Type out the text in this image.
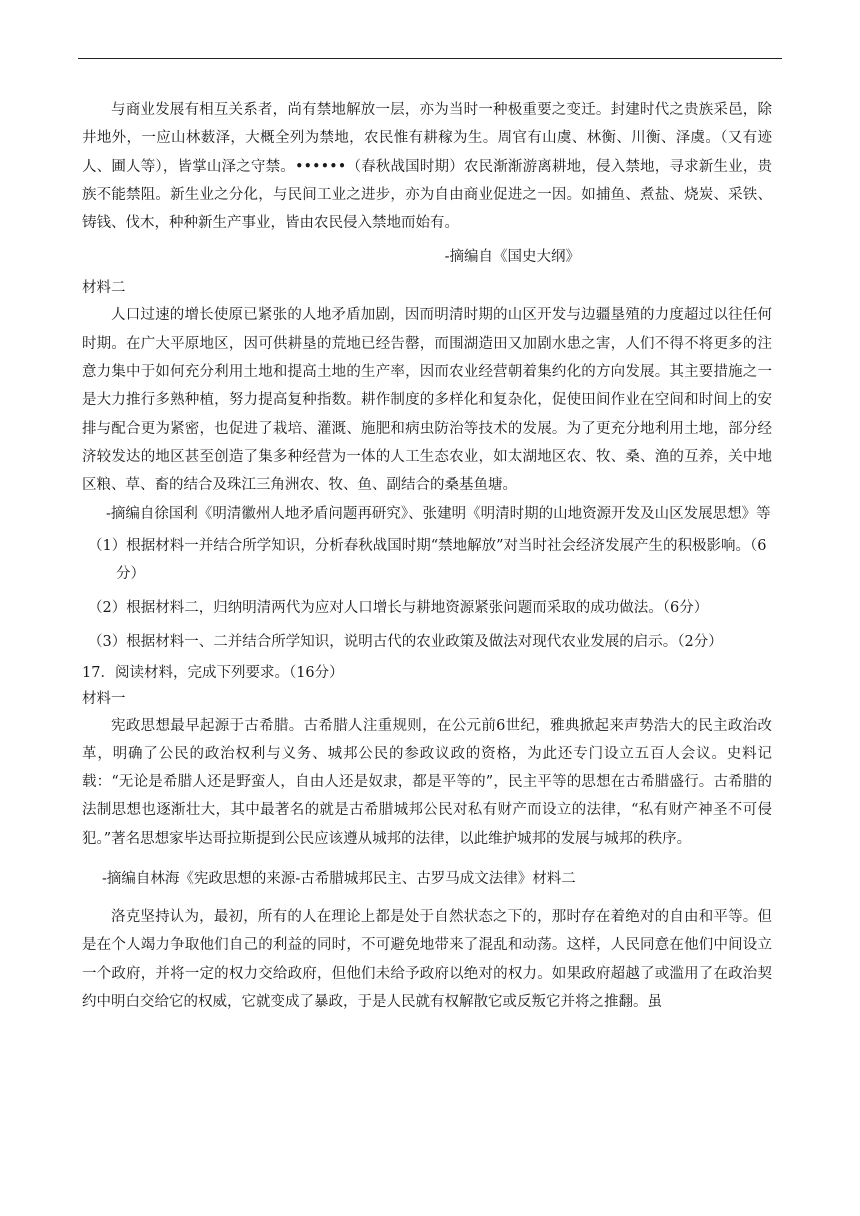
与商业发展有相互关系者，尚有禁地解放一层，亦为当时一种极重要之变迁。封建时代之贵族采邑，除井地外，一应山林薮泽，大概全列为禁地，农民惟有耕稼为生。周官有山虞、林衡、川衡、泽虞。（又有迹人、圃人等），皆掌山泽之守禁。••••••（春秋战国时期）农民渐渐游离耕地，侵入禁地，寻求新生业，贵族不能禁阻。新生业之分化，与民间工业之进步，亦为自由商业促进之一因。如捕鱼、煮盐、烧炭、采铁、铸钱、伐木，种种新生产事业，皆由农民侵入禁地而始有。

-摘编自《国史大纲》

材料二

人口过速的增长使原已紧张的人地矛盾加剧，因而明清时期的山区开发与边疆垦殖的力度超过以往任何时期。在广大平原地区，因可供耕垦的荒地已经告罄，而围湖造田又加剧水患之害，人们不得不将更多的注意力集中于如何充分利用土地和提高土地的生产率，因而农业经营朝着集约化的方向发展。其主要措施之一是大力推行多熟种植，努力提高复种指数。耕作制度的多样化和复杂化，促使田间作业在空间和时间上的安排与配合更为紧密，也促进了栽培、灌溉、施肥和病虫防治等技术的发展。为了更充分地利用土地，部分经济较发达的地区甚至创造了集多种经营为一体的人工生态农业，如太湖地区农、牧、桑、渔的互养，关中地区粮、草、畜的结合及珠江三角洲农、牧、鱼、副结合的桑基鱼塘。

-摘编自徐国利《明清徽州人地矛盾问题再研究》、张建明《明清时期的山地资源开发及山区发展思想》等

（1）根据材料一并结合所学知识，分析春秋战国时期“禁地解放”对当时社会经济发展产生的积极影响。（6分）

（2）根据材料二，归纳明清两代为应对人口增长与耕地资源紧张问题而采取的成功做法。（6分）

（3）根据材料一、二并结合所学知识，说明古代的农业政策及做法对现代农业发展的启示。（2分）

17．阅读材料，完成下列要求。（16分）

材料一

宪政思想最早起源于古希腊。古希腊人注重规则，在公元前6世纪，雅典掀起来声势浩大的民主政治改革，明确了公民的政治权利与义务、城邦公民的参政议政的资格，为此还专门设立五百人会议。史料记载：“无论是希腊人还是野蛮人，自由人还是奴隶，都是平等的”，民主平等的思想在古希腊盛行。古希腊的法制思想也逐渐壮大，其中最著名的就是古希腊城邦公民对私有财产而设立的法律，“私有财产神圣不可侵犯。”著名思想家毕达哥拉斯提到公民应该遵从城邦的法律，以此维护城邦的发展与城邦的秩序。

-摘编自林海《宪政思想的来源-古希腊城邦民主、古罗马成文法律》材料二

洛克坚持认为，最初，所有的人在理论上都是处于自然状态之下的，那时存在着绝对的自由和平等。但是在个人竭力争取他们自己的利益的同时，不可避免地带来了混乱和动荡。这样，人民同意在他们中间设立一个政府，并将一定的权力交给政府，但他们未给予政府以绝对的权力。如果政府超越了或滥用了在政治契约中明白交给它的权威，它就变成了暴政，于是人民就有权解散它或反叛它并将之推翻。虽
